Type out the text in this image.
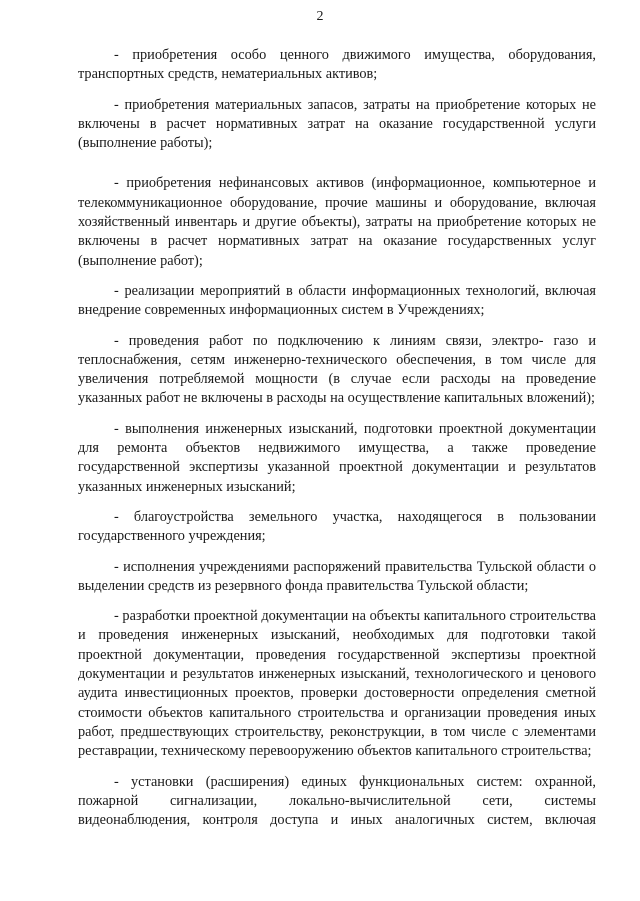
2

- приобретения особо ценного движимого имущества, оборудования, транспортных средств, нематериальных активов;

- приобретения материальных запасов, затраты на приобретение которых не включены в расчет нормативных затрат на оказание государственной услуги (выполнение работы);

- приобретения нефинансовых активов (информационное, компьютерное и телекоммуникационное оборудование, прочие машины и оборудование, включая хозяйственный инвентарь и другие объекты), затраты на приобретение которых не включены в расчет нормативных затрат на оказание государственных услуг (выполнение работ);

- реализации мероприятий в области информационных технологий, включая внедрение современных информационных систем в Учреждениях;

- проведения работ по подключению к линиям связи, электро- газо и теплоснабжения, сетям инженерно-технического обеспечения, в том числе для увеличения потребляемой мощности (в случае если расходы на проведение указанных работ не включены в расходы на осуществление капитальных вложений);

- выполнения инженерных изысканий, подготовки проектной документации для ремонта объектов недвижимого имущества, а также проведение государственной экспертизы указанной проектной документации и результатов указанных инженерных изысканий;

- благоустройства земельного участка, находящегося в пользовании государственного учреждения;

- исполнения учреждениями распоряжений правительства Тульской области о выделении средств из резервного фонда правительства Тульской области;

- разработки проектной документации на объекты капитального строительства и проведения инженерных изысканий, необходимых для подготовки такой проектной документации, проведения государственной экспертизы проектной документации и результатов инженерных изысканий, технологического и ценового аудита инвестиционных проектов, проверки достоверности определения сметной стоимости объектов капитального строительства и организации проведения иных работ, предшествующих строительству, реконструкции, в том числе с элементами реставрации, техническому перевооружению объектов капитального строительства;

- установки (расширения) единых функциональных систем: охранной, пожарной сигнализации, локально-вычислительной сети, системы видеонаблюдения, контроля доступа и иных аналогичных систем, включая
